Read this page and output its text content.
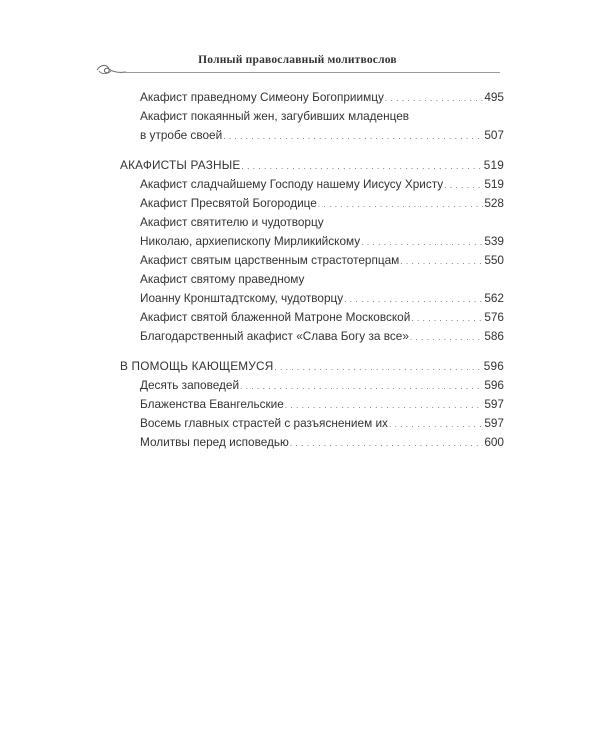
Полный православный молитвослов
Акафист праведному Симеону Богоприимцу . . .	495
Акафист покаянный жен, загубивших младенцев
в утробе своей . . .	507
АКАФИСТЫ РАЗНЫЕ . . .	519
Акафист сладчайшему Господу нашему Иисусу Христу . . .	519
Акафист Пресвятой Богородице . . .	528
Акафист святителю и чудотворцу
Николаю, архиепископу Мирликийскому . . .	539
Акафист святым царственным страстотерпцам . . .	550
Акафист святому праведному
Иоанну Кронштадтскому, чудотворцу . . .	562
Акафист святой блаженной Матроне Московской . . .	576
Благодарственный акафист «Слава Богу за все» . . .	586
В ПОМОЩЬ КАЮЩЕМУСЯ . . .	596
Десять заповедей . . .	596
Блаженства Евангельские . . .	597
Восемь главных страстей с разъяснением их . . .	597
Молитвы перед исповедью . . .	600
